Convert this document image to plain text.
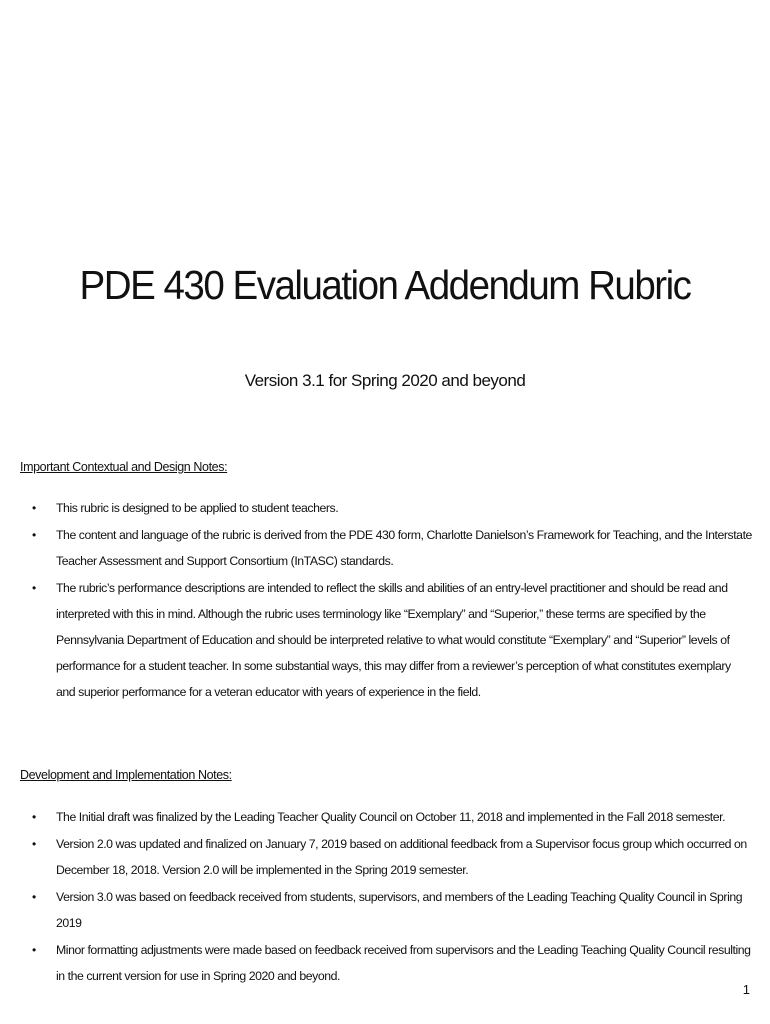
PDE 430 Evaluation Addendum Rubric

Version 3.1 for Spring 2020 and beyond

Important Contextual and Design Notes:
• This rubric is designed to be applied to student teachers.
• The content and language of the rubric is derived from the PDE 430 form, Charlotte Danielson’s Framework for Teaching, and the Interstate Teacher Assessment and Support Consortium (InTASC) standards.
• The rubric’s performance descriptions are intended to reflect the skills and abilities of an entry-level practitioner and should be read and interpreted with this in mind. Although the rubric uses terminology like “Exemplary” and “Superior,” these terms are specified by the Pennsylvania Department of Education and should be interpreted relative to what would constitute “Exemplary” and “Superior” levels of performance for a student teacher. In some substantial ways, this may differ from a reviewer’s perception of what constitutes exemplary and superior performance for a veteran educator with years of experience in the field.
Development and Implementation Notes:
• The Initial draft was finalized by the Leading Teacher Quality Council on October 11, 2018 and implemented in the Fall 2018 semester.
• Version 2.0 was updated and finalized on January 7, 2019 based on additional feedback from a Supervisor focus group which occurred on December 18, 2018. Version 2.0 will be implemented in the Spring 2019 semester.
• Version 3.0 was based on feedback received from students, supervisors, and members of the Leading Teaching Quality Council in Spring 2019
• Minor formatting adjustments were made based on feedback received from supervisors and the Leading Teaching Quality Council resulting in the current version for use in Spring 2020 and beyond.
1
